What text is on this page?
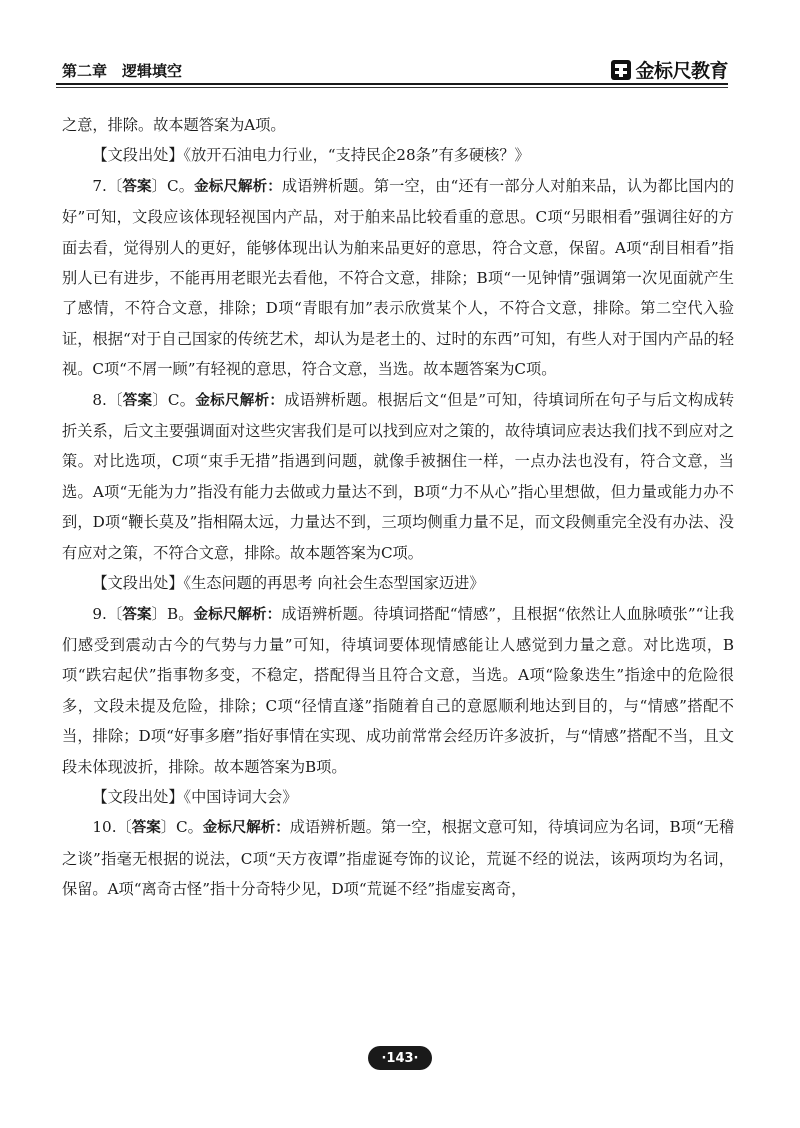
第二章　逻辑填空	金标尺教育

之意，排除。故本题答案为A项。

【文段出处】《放开石油电力行业，“支持民企28条”有多硬核？》

7.〔答案〕C。金标尺解析：成语辨析题。第一空，由“还有一部分人对舶来品，认为都比国内的好”可知，文段应该体现轻视国内产品，对于舶来品比较看重的意思。C项“另眼相看”强调往好的方面去看，觉得别人的更好，能够体现出认为舶来品更好的意思，符合文意，保留。A项“刮目相看”指别人已有进步，不能再用老眼光去看他，不符合文意，排除；B项“一见钟情”强调第一次见面就产生了感情，不符合文意，排除；D项“青眼有加”表示欣赏某个人，不符合文意，排除。第二空代入验证，根据“对于自己国家的传统艺术，却认为是老土的、过时的东西”可知，有些人对于国内产品的轻视。C项“不屑一顾”有轻视的意思，符合文意，当选。故本题答案为C项。

8.〔答案〕C。金标尺解析：成语辨析题。根据后文“但是”可知，待填词所在句子与后文构成转折关系，后文主要强调面对这些灾害我们是可以找到应对之策的，故待填词应表达我们找不到应对之策。对比选项，C项“束手无措”指遇到问题，就像手被捆住一样，一点办法也没有，符合文意，当选。A项“无能为力”指没有能力去做或力量达不到，B项“力不从心”指心里想做，但力量或能力办不到，D项“鞭长莫及”指相隔太远，力量达不到，三项均侧重力量不足，而文段侧重完全没有办法、没有应对之策，不符合文意，排除。故本题答案为C项。

【文段出处】《生态问题的再思考 向社会生态型国家迈进》

9.〔答案〕B。金标尺解析：成语辨析题。待填词搭配“情感”，且根据“依然让人血脉喷张”“让我们感受到震动古今的气势与力量”可知，待填词要体现情感能让人感觉到力量之意。对比选项，B项“跌宕起伏”指事物多变，不稳定，搭配得当且符合文意，当选。A项“险象迭生”指途中的危险很多，文段未提及危险，排除；C项“径情直遂”指随着自己的意愿顺利地达到目的，与“情感”搭配不当，排除；D项“好事多磨”指好事情在实现、成功前常常会经历许多波折，与“情感”搭配不当，且文段未体现波折，排除。故本题答案为B项。

【文段出处】《中国诗词大会》

10.〔答案〕C。金标尺解析：成语辨析题。第一空，根据文意可知，待填词应为名词，B项“无稽之谈”指毫无根据的说法，C项“天方夜谭”指虚诞夸饰的议论，荒诞不经的说法，该两项均为名词，保留。A项“离奇古怪”指十分奇特少见，D项“荒诞不经”指虚妄离奇，

·143·
